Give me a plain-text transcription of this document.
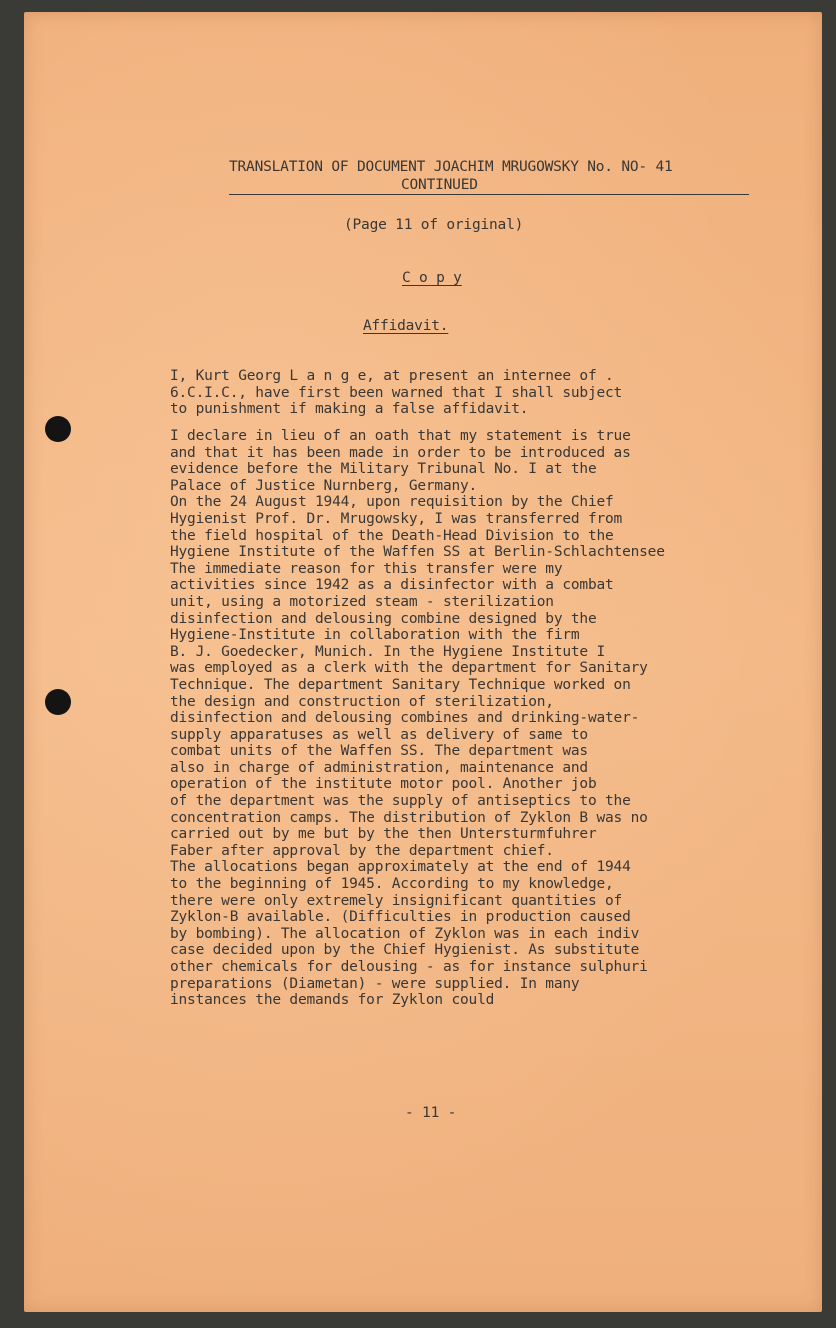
TRANSLATION OF DOCUMENT JOACHIM MRUGOWSKY No. NO- 41
CONTINUED
(Page 11 of original)
C o p y
Affidavit.
I, Kurt Georg L a n g e, at present an internee of .
6.C.I.C., have first been warned that I shall subject
to punishment if making a false affidavit.
I declare in lieu of an oath that my statement is true
and that it has been made in order to be introduced as
evidence before the Military Tribunal No. I at the
Palace of Justice Nurnberg, Germany.
On the 24 August 1944, upon requisition by the Chief
Hygienist Prof. Dr. Mrugowsky, I was transferred from
the field hospital of the Death-Head Division to the
Hygiene Institute of the Waffen SS at Berlin-Schlachtensee
The immediate reason for this transfer were my
activities since 1942 as a disinfector with a combat
unit, using a motorized steam - sterilization
disinfection and delousing combine designed by the
Hygiene-Institute in collaboration with the firm
B. J. Goedecker, Munich. In the Hygiene Institute I
was employed as a clerk with the department for Sanitary
Technique. The department Sanitary Technique worked on
the design and construction of sterilization,
disinfection and delousing combines and drinking-water-
supply apparatuses as well as delivery of same to
combat units of the Waffen SS. The department was
also in charge of administration, maintenance and
operation of the institute motor pool. Another job
of the department was the supply of antiseptics to the
concentration camps. The distribution of Zyklon B was no
carried out by me but by the then Untersturmfuhrer
Faber after approval by the department chief.
The allocations began approximately at the end of 1944
to the beginning of 1945. According to my knowledge,
there were only extremely insignificant quantities of
Zyklon-B available. (Difficulties in production caused
by bombing). The allocation of Zyklon was in each indiv
case decided upon by the Chief Hygienist. As substitute
other chemicals for delousing - as for instance sulphuri
preparations (Diametan) - were supplied. In many
instances the demands for Zyklon could
- 11 -
